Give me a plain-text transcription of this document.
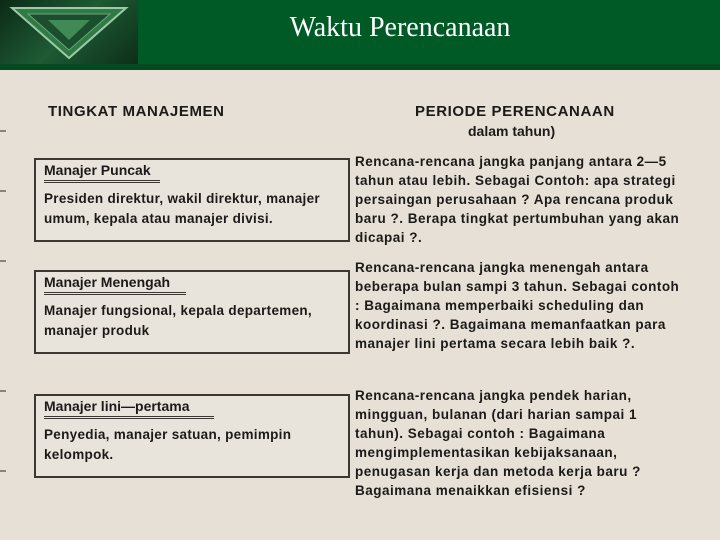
Waktu Perencanaan
TINGKAT MANAJEMEN	PERIODE PERENCANAAN
dalam tahun)
Manajer Puncak
Presiden direktur, wakil direktur, manajer umum, kepala atau manajer divisi.
Rencana-rencana jangka panjang antara 2—5 tahun atau lebih. Sebagai Contoh: apa strategi persaingan perusahaan ? Apa rencana produk baru ?. Berapa tingkat pertumbuhan yang akan dicapai ?.
Manajer Menengah
Manajer fungsional, kepala departemen, manajer produk
Rencana-rencana jangka menengah antara beberapa bulan sampi 3 tahun. Sebagai contoh : Bagaimana memperbaiki scheduling dan koordinasi ?. Bagaimana memanfaatkan para manajer lini pertama secara lebih baik ?.
Manajer lini—pertama
Penyedia, manajer satuan, pemimpin kelompok.
Rencana-rencana jangka pendek harian, mingguan, bulanan (dari harian sampai 1 tahun). Sebagai contoh : Bagaimana mengimplementasikan kebijaksanaan, penugasan kerja dan metoda kerja baru ? Bagaimana menaikkan efisiensi ?
